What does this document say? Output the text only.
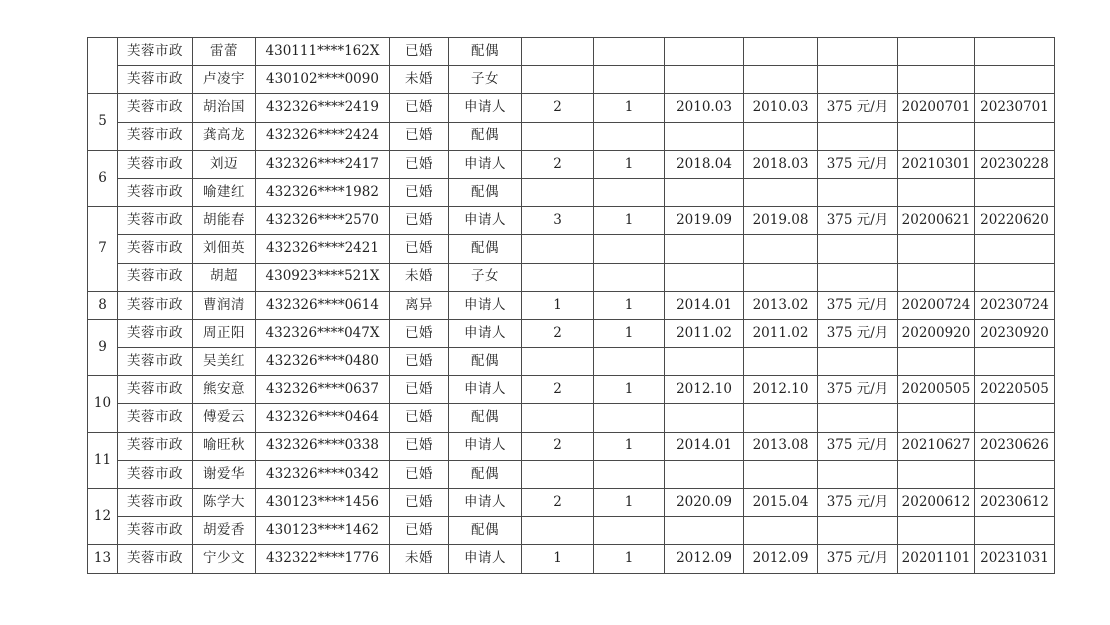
	芙蓉市政	雷蕾	430111****162X	已婚	配偶							
	芙蓉市政	卢凌宇	430102****0090	未婚	子女							
5	芙蓉市政	胡治国	432326****2419	已婚	申请人	2	1	2010.03	2010.03	375 元/月	20200701	20230701
	芙蓉市政	龚高龙	432326****2424	已婚	配偶							
6	芙蓉市政	刘迈	432326****2417	已婚	申请人	2	1	2018.04	2018.03	375 元/月	20210301	20230228
	芙蓉市政	喻建红	432326****1982	已婚	配偶							
7	芙蓉市政	胡能春	432326****2570	已婚	申请人	3	1	2019.09	2019.08	375 元/月	20200621	20220620
	芙蓉市政	刘佃英	432326****2421	已婚	配偶							
	芙蓉市政	胡超	430923****521X	未婚	子女							
8	芙蓉市政	曹润清	432326****0614	离异	申请人	1	1	2014.01	2013.02	375 元/月	20200724	20230724
9	芙蓉市政	周正阳	432326****047X	已婚	申请人	2	1	2011.02	2011.02	375 元/月	20200920	20230920
	芙蓉市政	吴美红	432326****0480	已婚	配偶							
10	芙蓉市政	熊安意	432326****0637	已婚	申请人	2	1	2012.10	2012.10	375 元/月	20200505	20220505
	芙蓉市政	傅爱云	432326****0464	已婚	配偶							
11	芙蓉市政	喻旺秋	432326****0338	已婚	申请人	2	1	2014.01	2013.08	375 元/月	20210627	20230626
	芙蓉市政	谢爱华	432326****0342	已婚	配偶							
12	芙蓉市政	陈学大	430123****1456	已婚	申请人	2	1	2020.09	2015.04	375 元/月	20200612	20230612
	芙蓉市政	胡爱香	430123****1462	已婚	配偶							
13	芙蓉市政	宁少文	432322****1776	未婚	申请人	1	1	2012.09	2012.09	375 元/月	20201101	20231031
